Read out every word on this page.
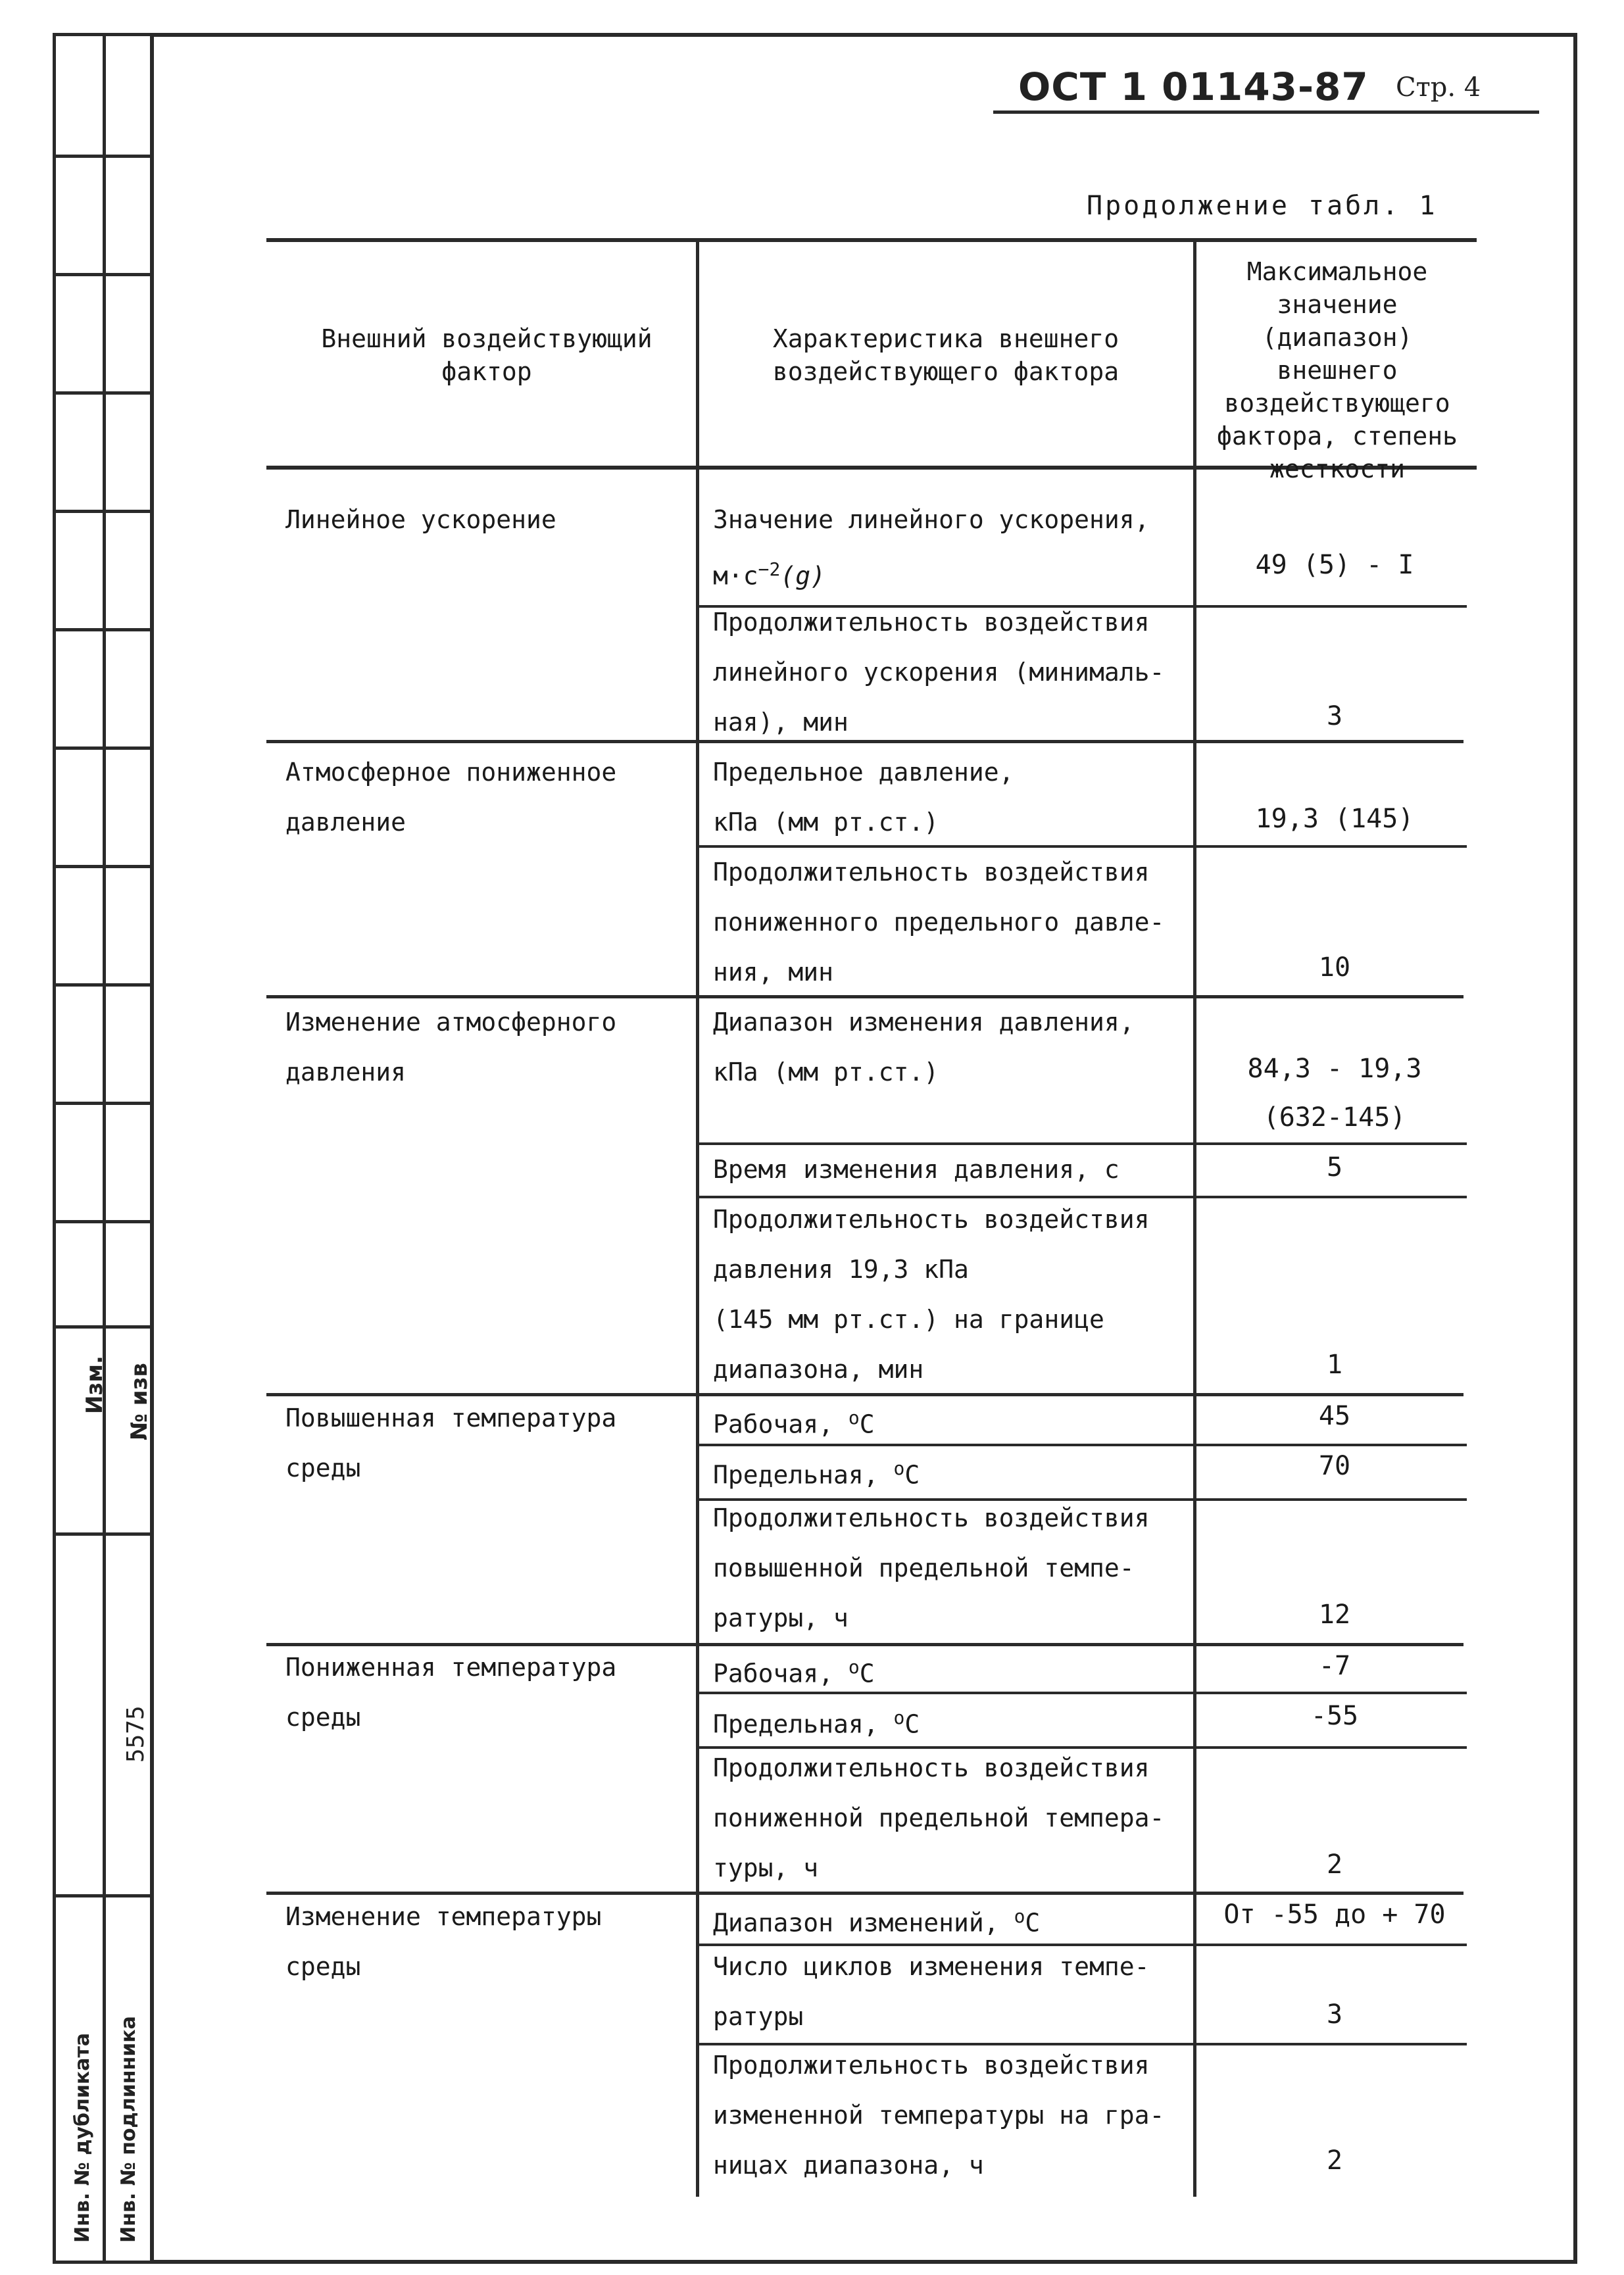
Изм. № изв
5575
Инв. № дубликата Инв. № подлинника
ОСТ 1 01143-87 Стр. 4
Продолжение табл. 1
Внешний воздействующий
фактор
Характеристика внешнего
воздействующего фактора
Максимальное
значение (диапазон)
внешнего
воздействующего
фактора, степень
жесткости
Линейное ускорение
Атмосферное пониженное
давление
Изменение атмосферного
давления
Повышенная температура
среды
Пониженная температура
среды
Изменение температуры
среды
Значение линейного ускорения,
$м\cdot с^{-2}(g)$
Продолжительность воздействия
линейного ускорения (минималь-
ная), мин
Предельное давление,
кПа (мм рт.ст.)
Продолжительность воздействия
пониженного предельного давле-
ния, мин
Диапазон изменения давления,
кПа (мм рт.ст.)
Время изменения давления, с
Продолжительность воздействия
давления 19,3 кПа
(145 мм рт.ст.) на границе
диапазона, мин
Рабочая, $^o$C
Предельная, $^o$C
Продолжительность воздействия
повышенной предельной темпе-
ратуры, ч
Рабочая, $^o$C
Предельная, $^o$C
Продолжительность воздействия
пониженной предельной темпера-
туры, ч
Диапазон изменений, $^o$C
Число циклов изменения темпе-
ратуры
Продолжительность воздействия
измененной температуры на гра-
ницах диапазона, ч
49 (5) - I
3
19,3 (145)
10
84,3 - 19,3
(632-145)
5
1
45
70
12
-7
-55
2
От -55 до + 70
3
2
